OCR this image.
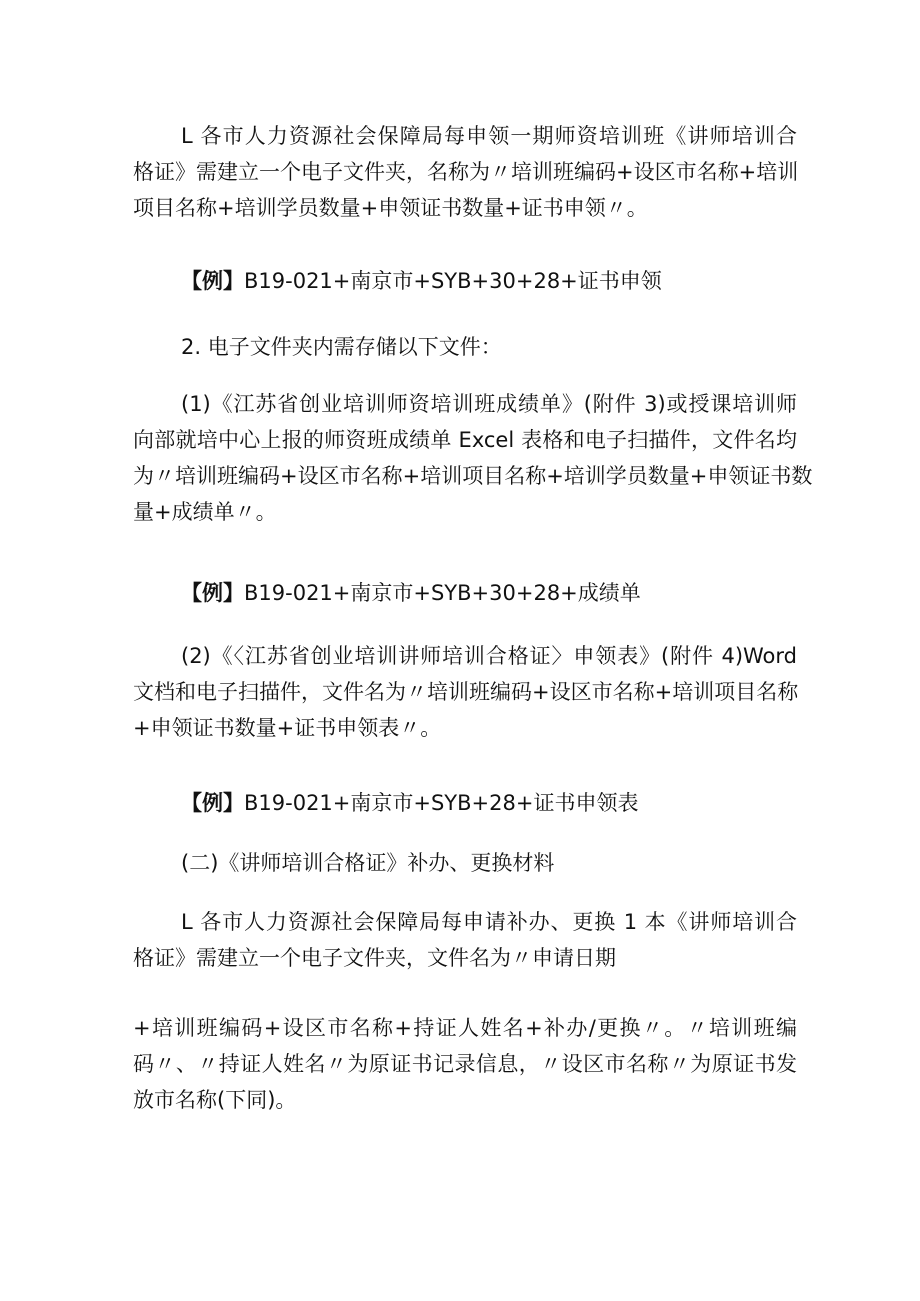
L 各市人力资源社会保障局每申领一期师资培训班《讲师培训合
格证》需建立一个电子文件夹，名称为〃培训班编码+设区市名称+培训
项目名称+培训学员数量+申领证书数量+证书申领〃。
【例】B19-021+南京市+SYB+30+28+证书申领
2. 电子文件夹内需存储以下文件：
(1)《江苏省创业培训师资培训班成绩单》(附件 3)或授课培训师
向部就培中心上报的师资班成绩单 Excel 表格和电子扫描件，文件名均
为〃培训班编码+设区市名称+培训项目名称+培训学员数量+申领证书数
量+成绩单〃。
【例】B19-021+南京市+SYB+30+28+成绩单
(2)《〈江苏省创业培训讲师培训合格证〉申领表》(附件 4)Word
文档和电子扫描件，文件名为〃培训班编码+设区市名称+培训项目名称
+申领证书数量+证书申领表〃。
【例】B19-021+南京市+SYB+28+证书申领表
(二)《讲师培训合格证》补办、更换材料
L 各市人力资源社会保障局每申请补办、更换 1 本《讲师培训合
格证》需建立一个电子文件夹，文件名为〃申请日期
+培训班编码+设区市名称+持证人姓名+补办/更换〃。〃培训班编
码〃、〃持证人姓名〃为原证书记录信息，〃设区市名称〃为原证书发
放市名称(下同)。
